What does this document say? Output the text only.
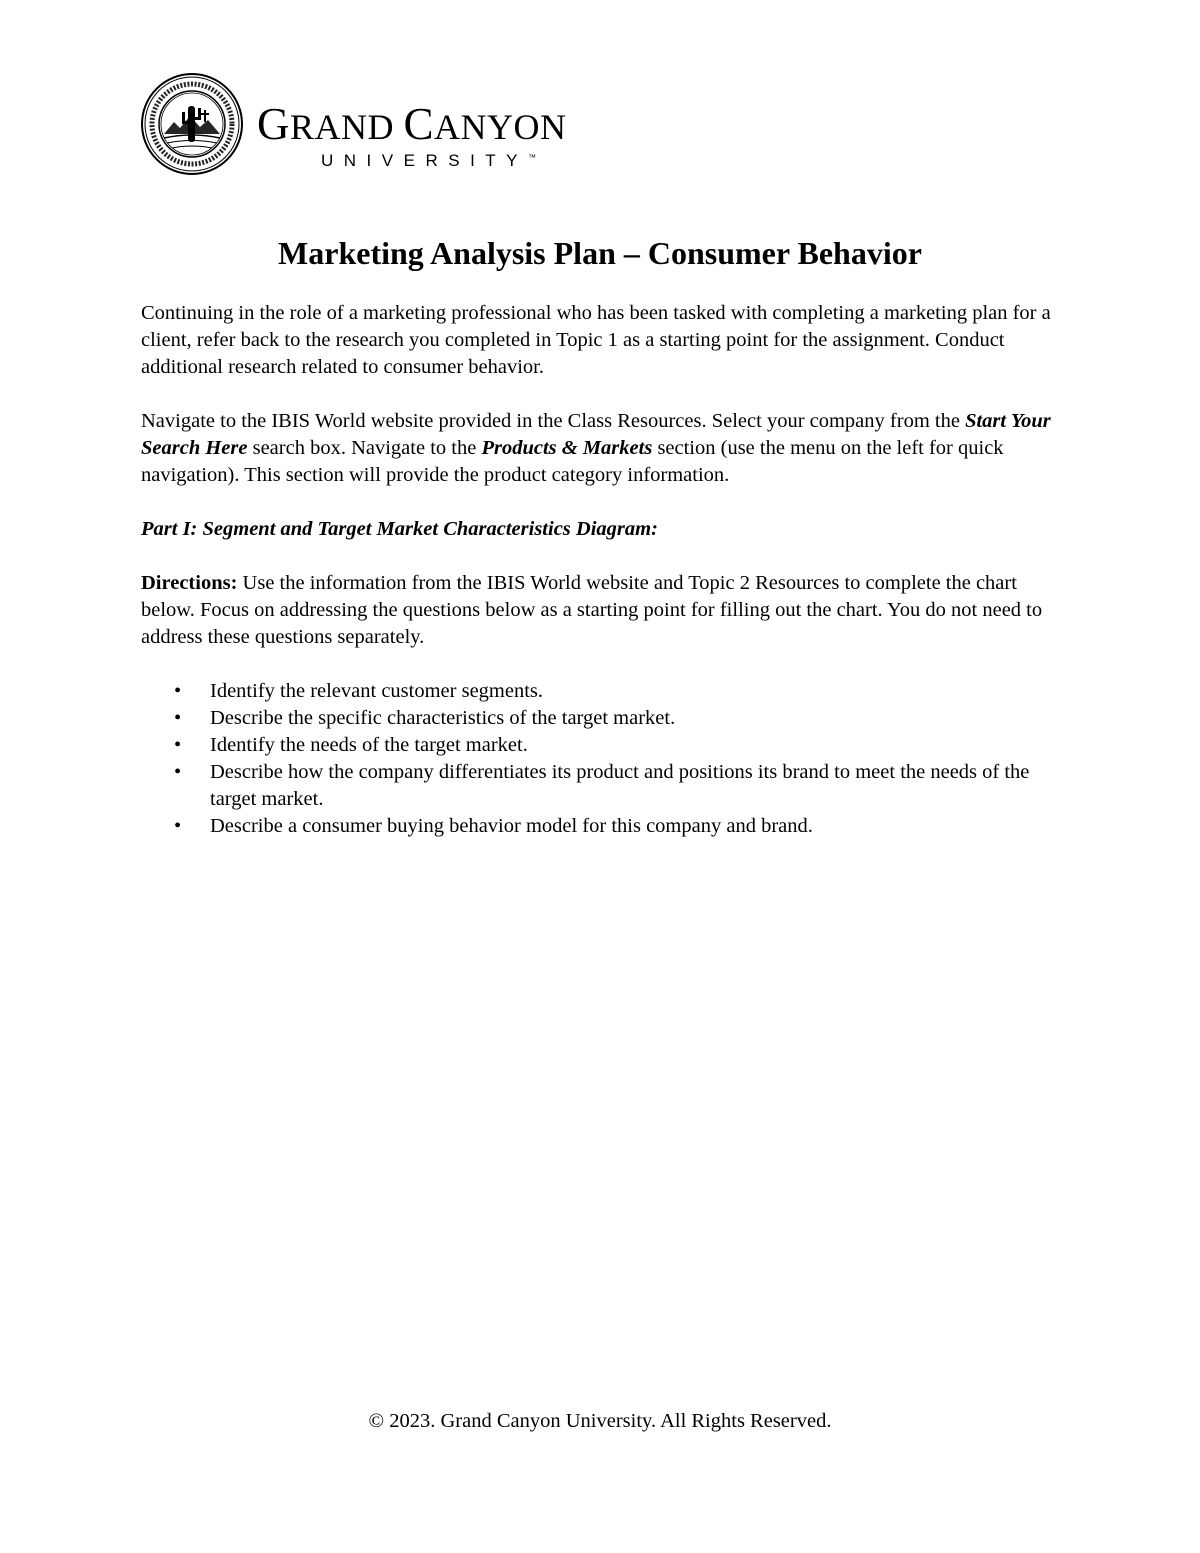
GRAND CANYON
UNIVERSITY™
Marketing Analysis Plan – Consumer Behavior

Continuing in the role of a marketing professional who has been tasked with completing a marketing plan for a client, refer back to the research you completed in Topic 1 as a starting point for the assignment. Conduct additional research related to consumer behavior.

Navigate to the IBIS World website provided in the Class Resources. Select your company from the Start Your Search Here search box. Navigate to the Products & Markets section (use the menu on the left for quick navigation). This section will provide the product category information.

Part I: Segment and Target Market Characteristics Diagram:

Directions: Use the information from the IBIS World website and Topic 2 Resources to complete the chart below. Focus on addressing the questions below as a starting point for filling out the chart. You do not need to address these questions separately.

• Identify the relevant customer segments.
• Describe the specific characteristics of the target market.
• Identify the needs of the target market.
• Describe how the company differentiates its product and positions its brand to meet the needs of the target market.
• Describe a consumer buying behavior model for this company and brand.
© 2023. Grand Canyon University. All Rights Reserved.
